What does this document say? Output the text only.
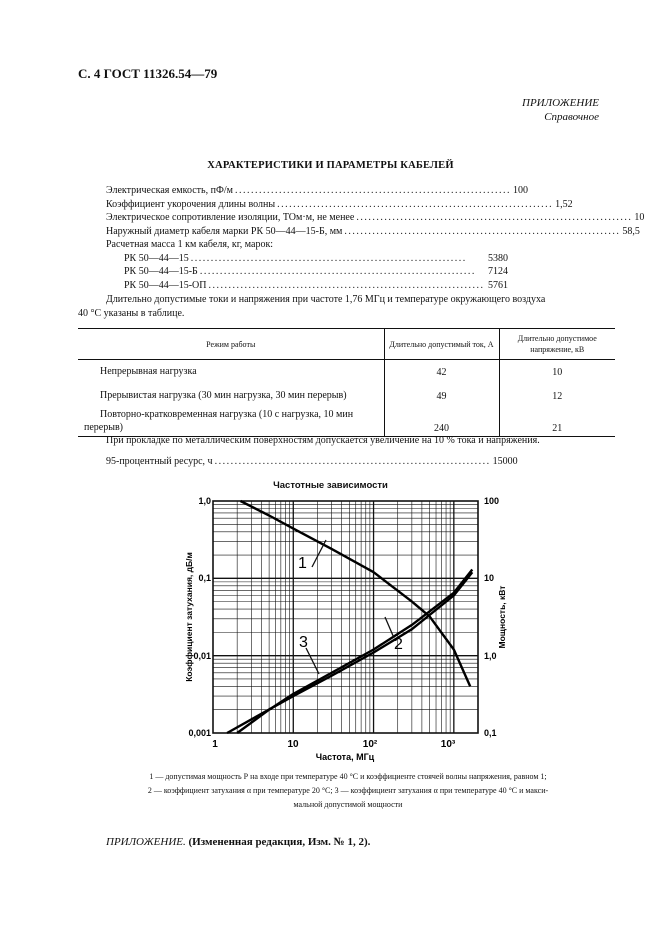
С. 4 ГОСТ 11326.54—79
ПРИЛОЖЕНИЕ
Справочное
ХАРАКТЕРИСТИКИ И ПАРАМЕТРЫ КАБЕЛЕЙ
Электрическая емкость, пФ/м ..................................................................... 100
Коэффициент укорочения длины волны ..................................................................... 1,52
Электрическое сопротивление изоляции, ТОм·м, не менее ..................................................................... 10
Наружный диаметр кабеля марки РК 50—44—15-Б, мм ..................................................................... 58,5
Расчетная масса 1 км кабеля, кг, марок:
РК 50—44—15 .....................................................................	5380
РК 50—44—15-Б .....................................................................	7124
РК 50—44—15-ОП ..................................................................... 5761
Длительно допустимые токи и напряжения при частоте 1,76 МГц и температуре окружающего воздуха
40 °С указаны в таблице.
Режим работы	Длительно допустимый ток, А	Длительно допустимое напряжение, кВ
Непрерывная нагрузка	42	10
Прерывистая нагрузка (30 мин нагрузка, 30 мин перерыв)	49	12
Повторно-кратковременная нагрузка (10 с нагрузка, 10 мин перерыв)	240	21
При прокладке по металлическим поверхностям допускается увеличение на 10 % тока и напряжения.
95-процентный ресурс, ч ..................................................................... 15000
Частотные зависимости
1	10	10²	10³
0,001
0,01
0,1
1,0
0,1
1,0
10
100
Частота, МГц
Коэффициент затухания, дБ/м	Мощность, кВт
1
2
3
1 — допустимая мощность Р на входе при температуре 40 °С и коэффициенте стоячей волны напряжения, равном 1;
2 — коэффициент затухания α при температуре 20 °С; 3 — коэффициент затухания α при температуре 40 °С и макси-
мальной допустимой мощности
ПРИЛОЖЕНИЕ. (Измененная редакция, Изм. № 1, 2).
